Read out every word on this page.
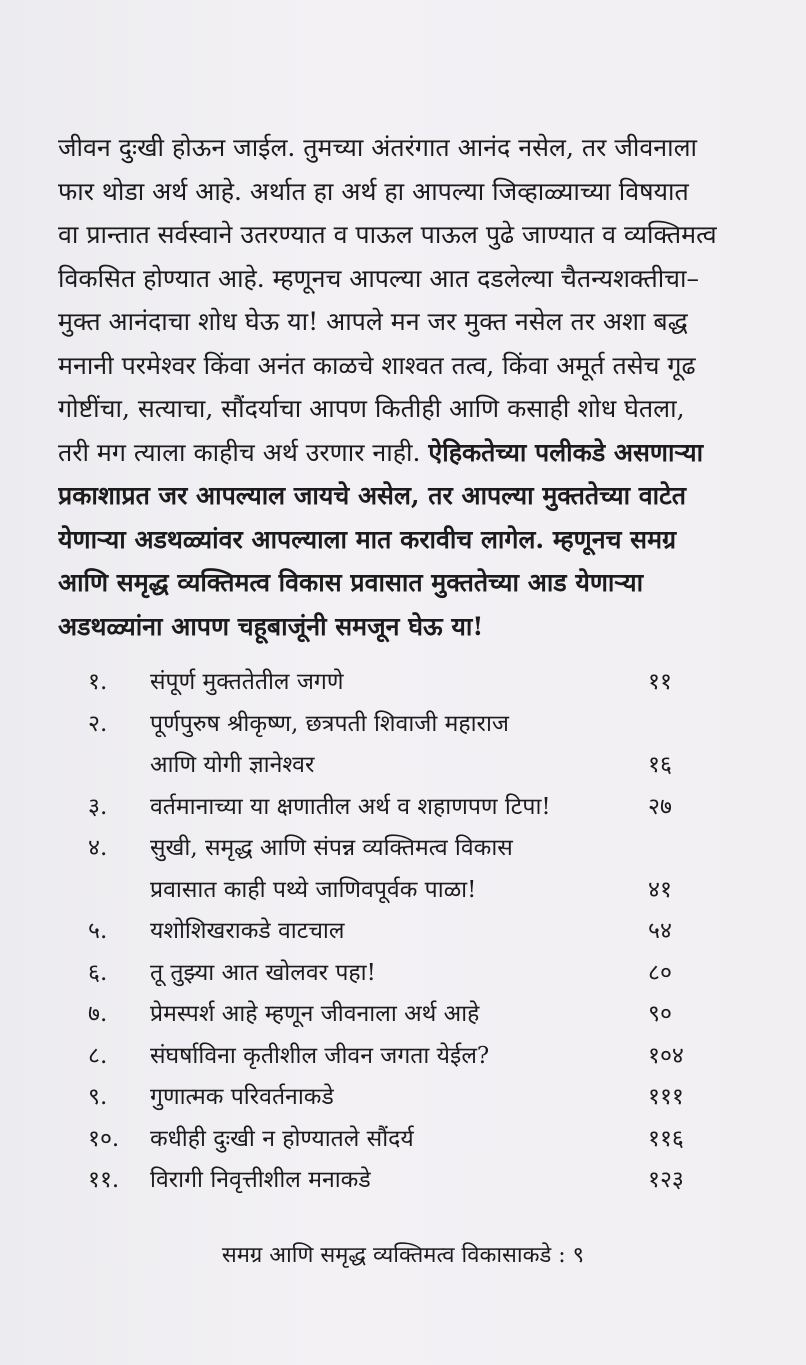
जीवन दुःखी होऊन जाईल. तुमच्या अंतरंगात आनंद नसेल, तर जीवनाला
फार थोडा अर्थ आहे. अर्थात हा अर्थ हा आपल्या जिव्हाळ्याच्या विषयात
वा प्रान्तात सर्वस्वाने उतरण्यात व पाऊल पाऊल पुढे जाण्यात व व्यक्तिमत्व
विकसित होण्यात आहे. म्हणूनच आपल्या आत दडलेल्या चैतन्यशक्तीचा–
मुक्त आनंदाचा शोध घेऊ या! आपले मन जर मुक्त नसेल तर अशा बद्ध
मनानी परमेश्वर किंवा अनंत काळचे शाश्वत तत्व, किंवा अमूर्त तसेच गूढ
गोष्टींचा, सत्याचा, सौंदर्याचा आपण कितीही आणि कसाही शोध घेतला,
तरी मग त्याला काहीच अर्थ उरणार नाही. ऐहिकतेच्या पलीकडे असणाऱ्या
प्रकाशाप्रत जर आपल्याल जायचे असेल, तर आपल्या मुक्ततेच्या वाटेत
येणाऱ्या अडथळ्यांवर आपल्याला मात करावीच लागेल. म्हणूनच समग्र
आणि समृद्ध व्यक्तिमत्व विकास प्रवासात मुक्ततेच्या आड येणाऱ्या
अडथळ्यांना आपण चहूबाजूंनी समजून घेऊ या!
१. संपूर्ण मुक्ततेतील जगणे	११
२. पूर्णपुरुष श्रीकृष्ण, छत्रपती शिवाजी महाराज
आणि योगी ज्ञानेश्वर	१६
३. वर्तमानाच्या या क्षणातील अर्थ व शहाणपण टिपा!	२७
४. सुखी, समृद्ध आणि संपन्न व्यक्तिमत्व विकास
प्रवासात काही पथ्ये जाणिवपूर्वक पाळा!	४१
५. यशोशिखराकडे वाटचाल	५४
६. तू तुझ्या आत खोलवर पहा!	८०
७. प्रेमस्पर्श आहे म्हणून जीवनाला अर्थ आहे	९०
८. संघर्षाविना कृतीशील जीवन जगता येईल?	१०४
९. गुणात्मक परिवर्तनाकडे	१११
१०. कधीही दुःखी न होण्यातले सौंदर्य	११६
११. विरागी निवृत्तीशील मनाकडे	१२३
समग्र आणि समृद्ध व्यक्तिमत्व विकासाकडे : ९
